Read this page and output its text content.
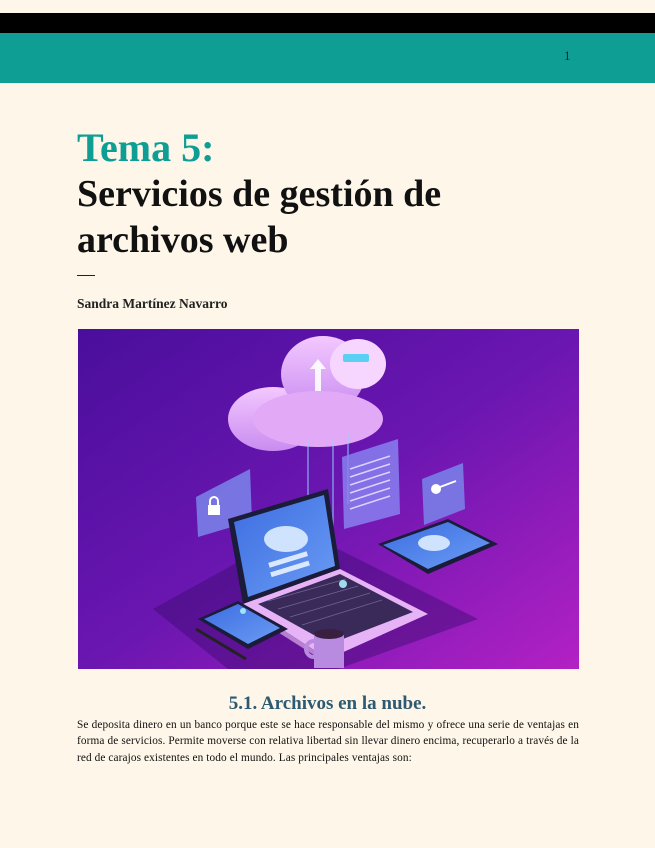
1
Tema 5:
Servicios de gestión de archivos web
Sandra Martínez Navarro
5.1. Archivos en la nube.
Se deposita dinero en un banco porque este se hace responsable del mismo y ofrece una serie de ventajas en forma de servicios. Permite moverse con relativa libertad sin llevar dinero encima, recuperarlo a través de la red de carajos existentes en todo el mundo. Las principales ventajas son:
